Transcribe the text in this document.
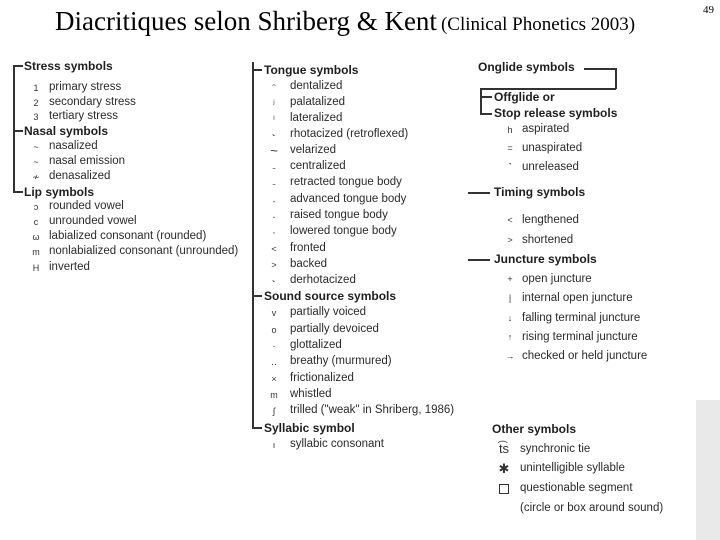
Diacritiques selon Shriberg & Kent (Clinical Phonetics 2003)
49
Stress symbols
1 primary stress
2 secondary stress
3 tertiary stress
Nasal symbols
~ nasalized
~ nasal emission
≁ denasalized
Lip symbols
ɔ rounded vowel
c unrounded vowel
ω labialized consonant (rounded)
m nonlabialized consonant (unrounded)
H inverted
Tongue symbols
ᵔ	dentalized
ʲ	palatalized
ˡ	lateralized
˞	rhotacized (retroflexed)
~ velarized
˗	centralized
˗	retracted tongue body
˖	advanced tongue body
˔	raised tongue body
˕	lowered tongue body
<	fronted
>	backed
˞	derhotacized
Sound source symbols
v	partially voiced
o	partially devoiced
·	glottalized
‥	breathy (murmured)
×	frictionalized
m whistled
ʃ	trilled ("weak" in Shriberg, 1986)
Syllabic symbol
ı	syllabic consonant
Onglide symbols
Offglide or
Stop release symbols
h aspirated
= unaspirated
˺ unreleased
Timing symbols
< lengthened
> shortened
Juncture symbols
+ open juncture
| internal open juncture
↓ falling terminal juncture
↑ rising terminal juncture
→ checked or held juncture
Other symbols
t͡s synchronic tie
✱ unintelligible syllable
questionable segment
(circle or box around sound)
